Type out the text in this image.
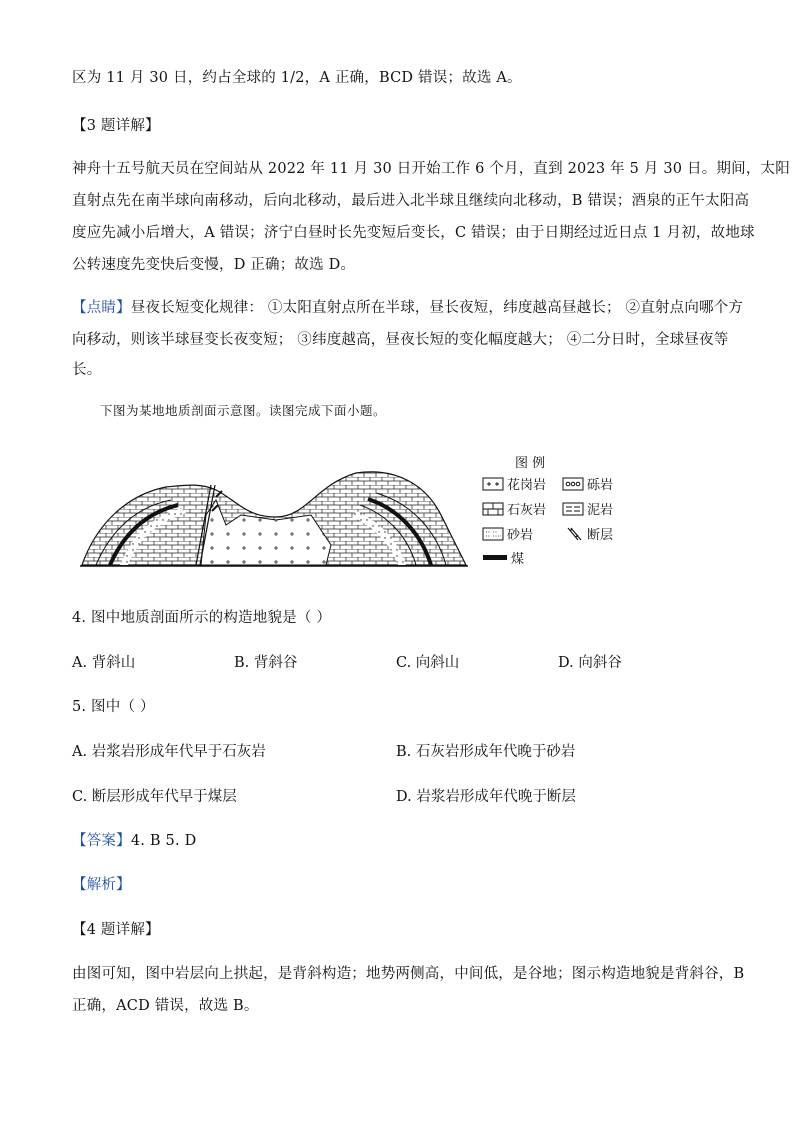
区为 11 月 30 日，约占全球的 1/2，A 正确，BCD 错误；故选 A。
【3 题详解】
神舟十五号航天员在空间站从 2022 年 11 月 30 日开始工作 6 个月，直到 2023 年 5 月 30 日。期间，太阳
直射点先在南半球向南移动，后向北移动，最后进入北半球且继续向北移动，B 错误；酒泉的正午太阳高
度应先减小后增大，A 错误；济宁白昼时长先变短后变长，C 错误；由于日期经过近日点 1 月初，故地球
公转速度先变快后变慢，D 正确；故选 D。
【点睛】昼夜长短变化规律： ①太阳直射点所在半球，昼长夜短，纬度越高昼越长； ②直射点向哪个方
向移动，则该半球昼变长夜变短； ③纬度越高，昼夜长短的变化幅度越大； ④二分日时，全球昼夜等
长。
下图为某地地质剖面示意图。读图完成下面小题。
图 例
花岗岩	砾岩
石灰岩	泥岩
砂岩	断层
煤
4. 图中地质剖面所示的构造地貌是（ ）
A. 背斜山	B. 背斜谷	C. 向斜山	D. 向斜谷
5. 图中（ ）
A. 岩浆岩形成年代早于石灰岩	B. 石灰岩形成年代晚于砂岩
C. 断层形成年代早于煤层	D. 岩浆岩形成年代晚于断层
【答案】4. B 5. D
【解析】
【4 题详解】
由图可知，图中岩层向上拱起，是背斜构造；地势两侧高，中间低，是谷地；图示构造地貌是背斜谷，B
正确，ACD 错误，故选 B。
